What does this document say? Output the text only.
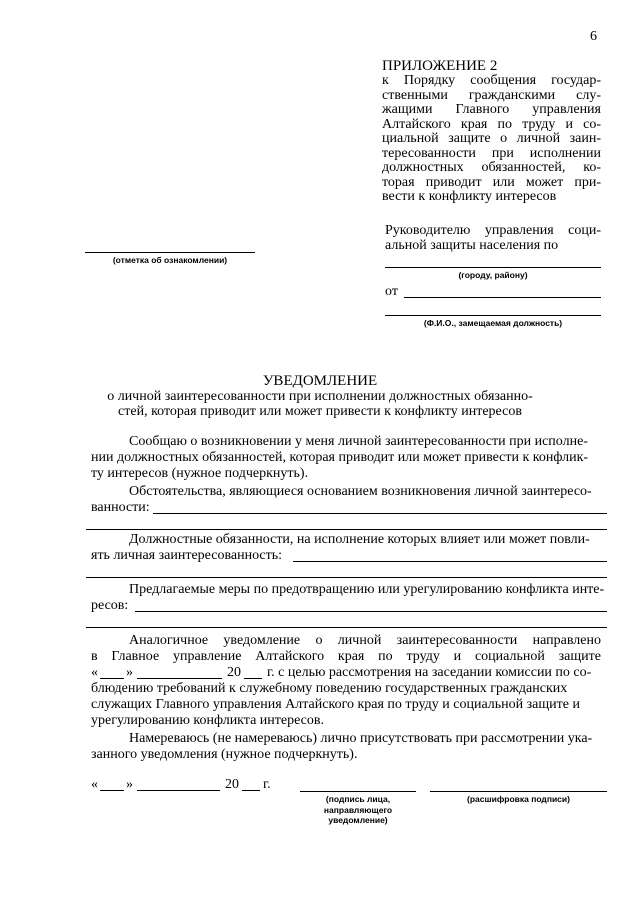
6
ПРИЛОЖЕНИЕ 2
к Порядку сообщения государ-
ственными гражданскими слу-
жащими Главного управления
Алтайского края по труду и со-
циальной защите о личной заин-
тересованности при исполнении
должностных обязанностей, ко-
торая приводит или может при-
вести к конфликту интересов
(отметка об ознакомлении)
Руководителю управления соци-
альной защиты населения по
(городу, району)
от
(Ф.И.О., замещаемая должность)
УВЕДОМЛЕНИЕ
о личной заинтересованности при исполнении должностных обязанно-
стей, которая приводит или может привести к конфликту интересов
Сообщаю о возникновении у меня личной заинтересованности при исполне-
нии должностных обязанностей, которая приводит или может привести к конфлик-
ту интересов (нужное подчеркнуть).
Обстоятельства, являющиеся основанием возникновения личной заинтересо-
ванности:
Должностные обязанности, на исполнение которых влияет или может повли-
ять личная заинтересованность:
Предлагаемые меры по предотвращению или урегулированию конфликта инте-
ресов:
Аналогичное уведомление о личной заинтересованности направлено
в Главное управление Алтайского края по труду и социальной защите
« »	20 г. с целью рассмотрения на заседании комиссии по со-
блюдению требований к служебному поведению государственных гражданских
служащих Главного управления Алтайского края по труду и социальной защите и
урегулированию конфликта интересов.
Намереваюсь (не намереваюсь) лично присутствовать при рассмотрении ука-
занного уведомления (нужное подчеркнуть).
« »	20 г.
(подпись лица,
направляющего
уведомление)
(расшифровка подписи)
